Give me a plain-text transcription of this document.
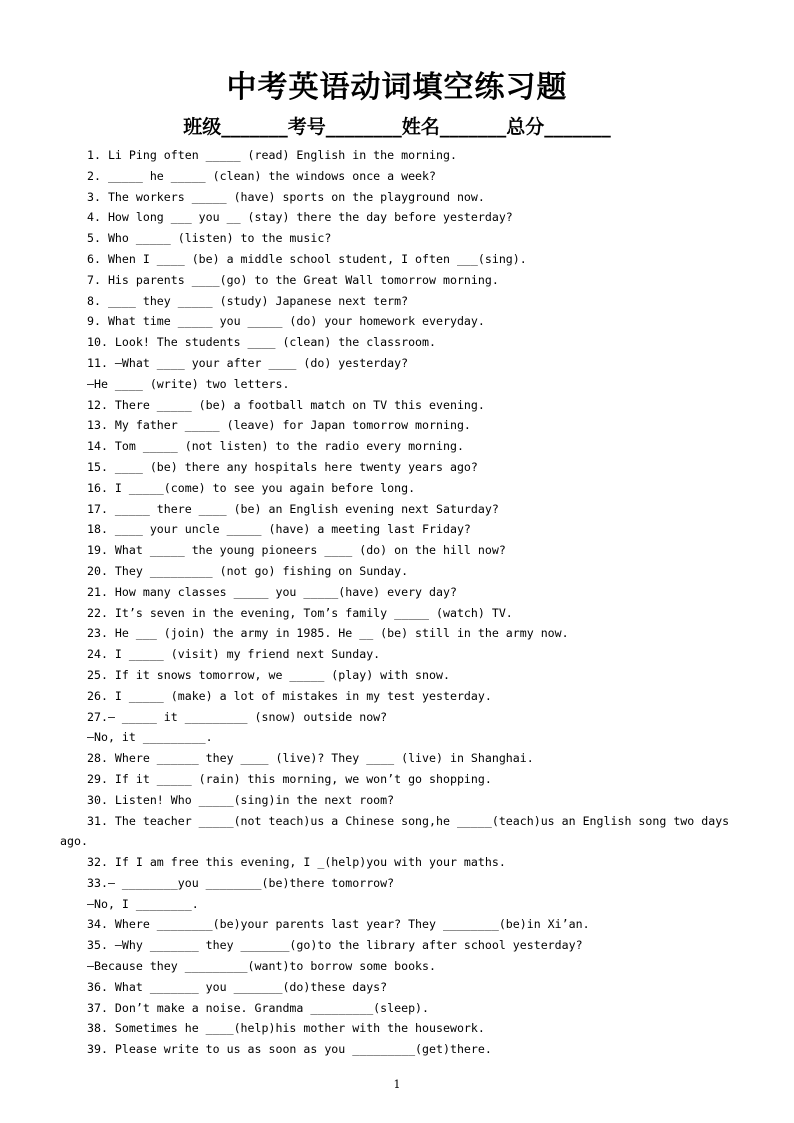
中考英语动词填空练习题
班级_______考号________姓名_______总分_______
1. Li Ping often _____ (read) English in the morning.
2. _____ he _____ (clean) the windows once a week?
3. The workers _____ (have) sports on the playground now.
4. How long ___ you __ (stay) there the day before yesterday?
5. Who _____ (listen) to the music?
6. When I ____ (be) a middle school student, I often ___(sing).
7. His parents ____(go) to the Great Wall tomorrow morning.
8. ____ they _____ (study) Japanese next term?
9. What time _____ you _____ (do) your homework everyday.
10. Look! The students ____ (clean) the classroom.
11. —What ____ your after ____ (do) yesterday?
—He ____ (write) two letters.
12. There _____ (be) a football match on TV this evening.
13. My father _____ (leave) for Japan tomorrow morning.
14. Tom _____ (not listen) to the radio every morning.
15. ____ (be) there any hospitals here twenty years ago?
16. I _____(come) to see you again before long.
17. _____ there ____ (be) an English evening next Saturday?
18. ____ your uncle _____ (have) a meeting last Friday?
19. What _____ the young pioneers ____ (do) on the hill now?
20. They _________ (not go) fishing on Sunday.
21. How many classes _____ you _____(have) every day?
22. It’s seven in the evening, Tom’s family _____ (watch) TV.
23. He ___ (join) the army in 1985. He __ (be) still in the army now.
24. I _____ (visit) my friend next Sunday.
25. If it snows tomorrow, we _____ (play) with snow.
26. I _____ (make) a lot of mistakes in my test yesterday.
27.— _____ it _________ (snow) outside now?
—No, it _________.
28. Where ______ they ____ (live)? They ____ (live) in Shanghai.
29. If it _____ (rain) this morning, we won’t go shopping.
30. Listen! Who _____(sing)in the next room?
31. The teacher _____(not teach)us a Chinese song,he _____(teach)us an English song two days
ago.
32. If I am free this evening, I _(help)you with your maths.
33.— ________you ________(be)there tomorrow?
—No, I ________.
34. Where ________(be)your parents last year? They ________(be)in Xi’an.
35. —Why _______ they _______(go)to the library after school yesterday?
—Because they _________(want)to borrow some books.
36. What _______ you _______(do)these days?
37. Don’t make a noise. Grandma _________(sleep).
38. Sometimes he ____(help)his mother with the housework.
39. Please write to us as soon as you _________(get)there.
1
